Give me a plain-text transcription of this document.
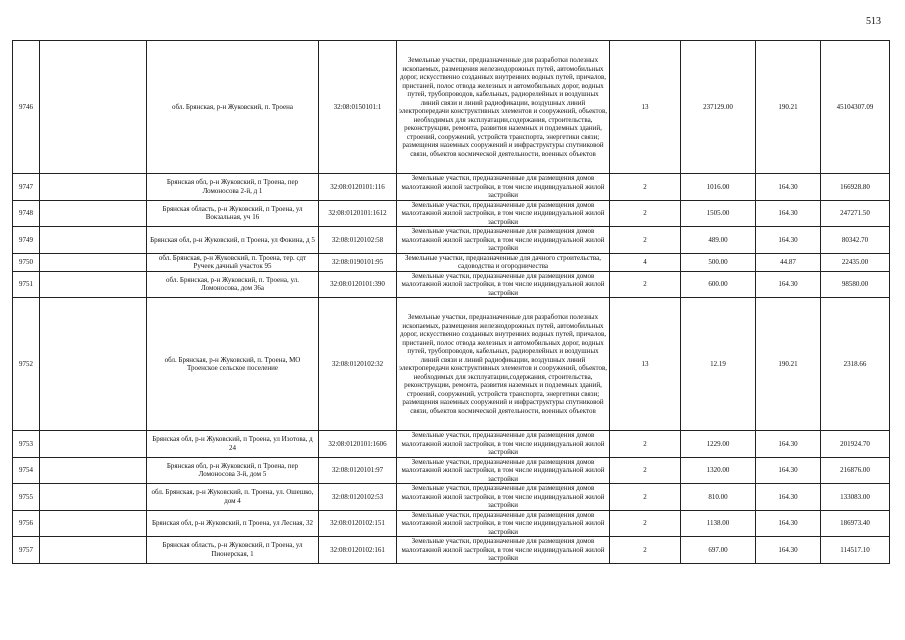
513
9746		обл. Брянская, р-н Жуковский, п. Троена	32:08:0150101:1	Земельные участки, предназначенные для разработки полезных ископаемых, размещения железнодорожных путей, автомобильных дорог, искусственно созданных внутренних водных путей, причалов, пристаней, полос отвода железных и автомобильных дорог, водных путей, трубопроводов, кабельных, радиорелейных и воздушных линий связи и линий радиофикации, воздушных линий электропередачи конструктивных элементов и сооружений, объектов, необходимых для эксплуатации,содержания, строительства, реконструкции, ремонта, развития наземных и подземных зданий, строений, сооружений, устройств транспорта, энергетики связи; размещения наземных сооружений и инфраструктуры спутниковой связи, объектов космической деятельности, военных объектов	13	237129.00	190.21	45104307.09
9747		Брянская обл, р-н Жуковский, п Троена, пер Ломоносова 2-й, д 1	32:08:0120101:116	Земельные участки, предназначенные для размещения домов малоэтажной жилой застройки, в том числе индивидуальной жилой застройки	2	1016.00	164.30	166928.80
9748		Брянская область, р-н Жуковский, п Троена, ул Вокзальная, уч 16	32:08:0120101:1612	Земельные участки, предназначенные для размещения домов малоэтажной жилой застройки, в том числе индивидуальной жилой застройки	2	1505.00	164.30	247271.50
9749		Брянская обл, р-н Жуковский, п Троена, ул Фокина, д 5	32:08:0120102:58	Земельные участки, предназначенные для размещения домов малоэтажной жилой застройки, в том числе индивидуальной жилой застройки	2	489.00	164.30	80342.70
9750		обл. Брянская, р-н Жуковский, п. Троена, тер. сдт Ручеек дачный участок 95	32:08:0190101:95	Земельные участки, предназначенные для дачного строительства, садоводства и огородничества	4	500.00	44.87	22435.00
9751		обл. Брянская, р-н Жуковский, п. Троена, ул. Ломоносова, дом 36а	32:08:0120101:390	Земельные участки, предназначенные для размещения домов малоэтажной жилой застройки, в том числе индивидуальной жилой застройки	2	600.00	164.30	98580.00
9752		обл. Брянская, р-н Жуковский, п. Троена, МО Троенское сельское поселение	32:08:0120102:32	Земельные участки, предназначенные для разработки полезных ископаемых, размещения железнодорожных путей, автомобильных дорог, искусственно созданных внутренних водных путей, причалов, пристаней, полос отвода железных и автомобильных дорог, водных путей, трубопроводов, кабельных, радиорелейных и воздушных линий связи и линий радиофикации, воздушных линий электропередачи конструктивных элементов и сооружений, объектов, необходимых для эксплуатации,содержания, строительства, реконструкции, ремонта, развития наземных и подземных зданий, строений, сооружений, устройств транспорта, энергетики связи; размещения наземных сооружений и инфраструктуры спутниковой связи, объектов космической деятельности, военных объектов	13	12.19	190.21	2318.66
9753		Брянская обл, р-н Жуковский, п Троена, ул Изотова, д 24	32:08:0120101:1606	Земельные участки, предназначенные для размещения домов малоэтажной жилой застройки, в том числе индивидуальной жилой застройки	2	1229.00	164.30	201924.70
9754		Брянская обл, р-н Жуковский, п Троена, пер Ломоносова 3-й, дом 5	32:08:0120101:97	Земельные участки, предназначенные для размещения домов малоэтажной жилой застройки, в том числе индивидуальной жилой застройки	2	1320.00	164.30	216876.00
9755		обл. Брянская, р-н Жуковский, п. Троена, ул. Ошешко, дом 4	32:08:0120102:53	Земельные участки, предназначенные для размещения домов малоэтажной жилой застройки, в том числе индивидуальной жилой застройки	2	810.00	164.30	133083.00
9756		Брянская обл, р-н Жуковский, п Троена, ул Лесная, 32	32:08:0120102:151	Земельные участки, предназначенные для размещения домов малоэтажной жилой застройки, в том числе индивидуальной жилой застройки	2	1138.00	164.30	186973.40
9757		Брянская область, р-н Жуковский, п Троена, ул Пионерская, 1	32:08:0120102:161	Земельные участки, предназначенные для размещения домов малоэтажной жилой застройки, в том числе индивидуальной жилой застройки	2	697.00	164.30	114517.10
